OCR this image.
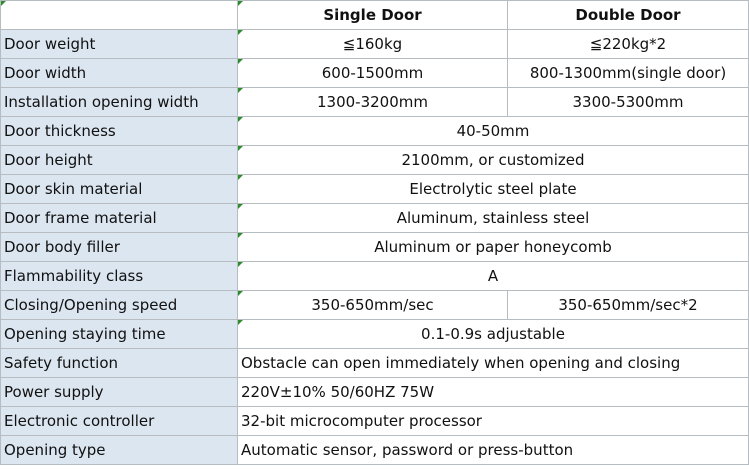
	Single Door	Double Door
Door weight	≦160kg	≦220kg*2
Door width	600-1500mm	800-1300mm(single door)
Installation opening width	1300-3200mm	3300-5300mm
Door thickness	40-50mm	
Door height	2100mm, or customized	
Door skin material	Electrolytic steel plate	
Door frame material	Aluminum, stainless steel	
Door body filler	Aluminum or paper honeycomb	
Flammability class	A	
Closing/Opening speed	350-650mm/sec	350-650mm/sec*2
Opening staying time	0.1-0.9s adjustable	
Safety function	Obstacle can open immediately when opening and closing	
Power supply	220V±10% 50/60HZ 75W	
Electronic controller	32-bit microcomputer processor	
Opening type	Automatic sensor, password or press-button	
